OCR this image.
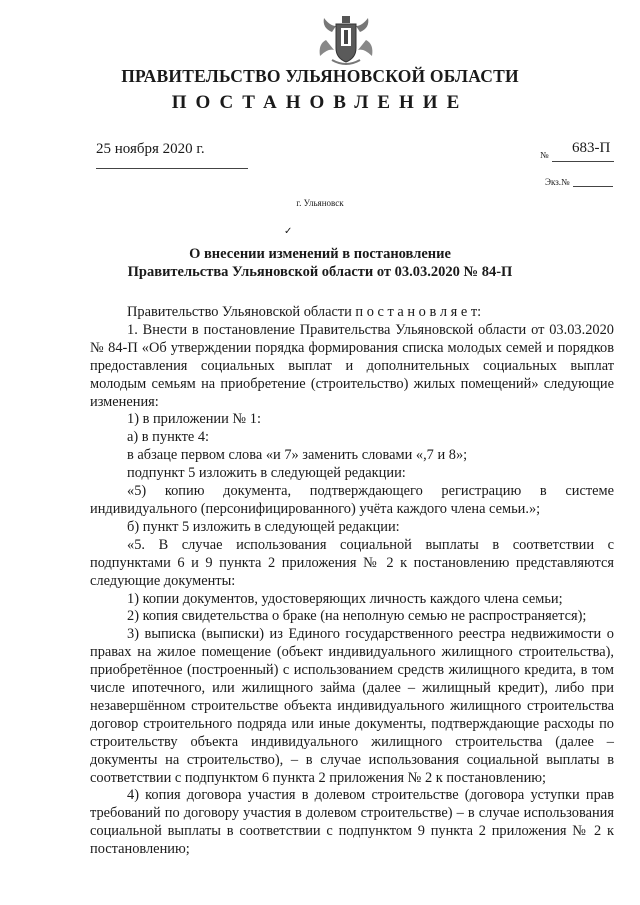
ПРАВИТЕЛЬСТВО УЛЬЯНОВСКОЙ ОБЛАСТИ
ПОСТАНОВЛЕНИЕ
25 ноября 2020 г.	№ 683-П
Экз.№
г. Ульяновск
✓
О внесении изменений в постановление
Правительства Ульяновской области от 03.03.2020 № 84-П

Правительство Ульяновской области п о с т а н о в л я е т:

1. Внести в постановление Правительства Ульяновской области от 03.03.2020 № 84-П «Об утверждении порядка формирования списка молодых семей и порядков предоставления социальных выплат и дополнительных социальных выплат молодым семьям на приобретение (строительство) жилых помещений» следующие изменения:

1) в приложении № 1:

а) в пункте 4:

в абзаце первом слова «и 7» заменить словами «,7 и 8»;

подпункт 5 изложить в следующей редакции:

«5) копию документа, подтверждающего регистрацию в системе индивидуального (персонифицированного) учёта каждого члена семьи.»;

б) пункт 5 изложить в следующей редакции:

«5. В случае использования социальной выплаты в соответствии с подпунктами 6 и 9 пункта 2 приложения № 2 к постановлению представляются следующие документы:

1) копии документов, удостоверяющих личность каждого члена семьи;

2) копия свидетельства о браке (на неполную семью не распространяется);

3) выписка (выписки) из Единого государственного реестра недвижимости о правах на жилое помещение (объект индивидуального жилищного строительства), приобретённое (построенный) с использованием средств жилищного кредита, в том числе ипотечного, или жилищного займа (далее – жилищный кредит), либо при незавершённом строительстве объекта индивидуального жилищного строительства договор строительного подряда или иные документы, подтверждающие расходы по строительству объекта индивидуального жилищного строительства (далее – документы на строительство), – в случае использования социальной выплаты в соответствии с подпунктом 6 пункта 2 приложения № 2 к постановлению;

4) копия договора участия в долевом строительстве (договора уступки прав требований по договору участия в долевом строительстве) – в случае использования социальной выплаты в соответствии с подпунктом 9 пункта 2 приложения № 2 к постановлению;
